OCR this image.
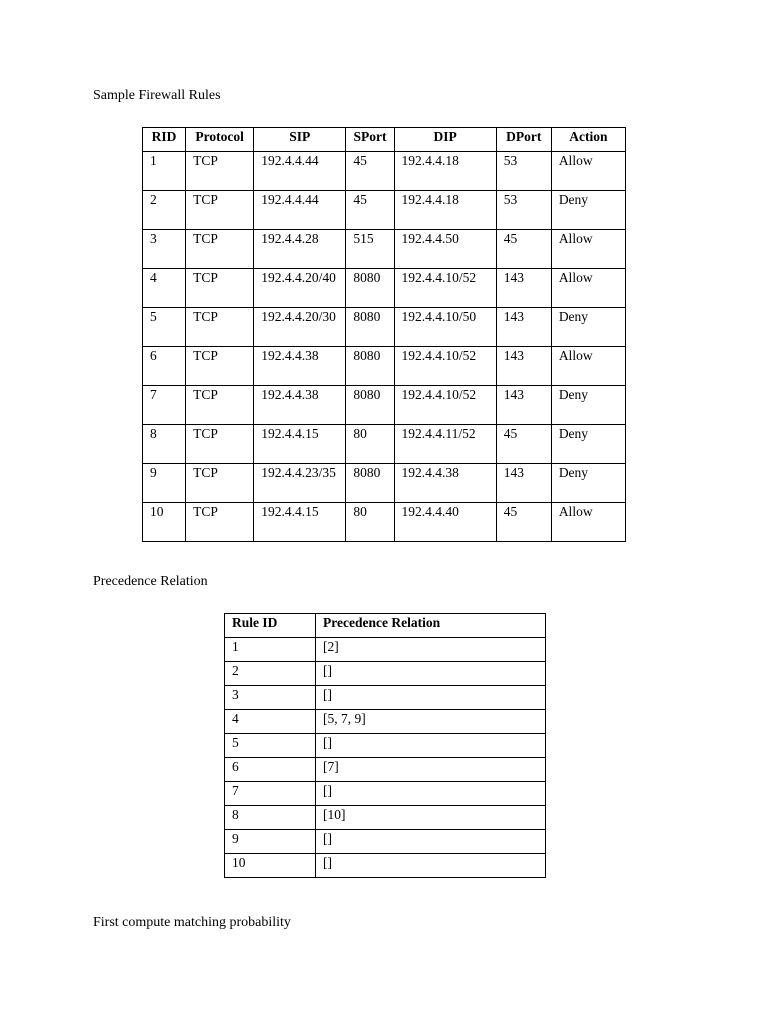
Sample Firewall Rules
RID	Protocol	SIP	SPort	DIP	DPort	Action
1	TCP	192.4.4.44	45	192.4.4.18	53	Allow
2	TCP	192.4.4.44	45	192.4.4.18	53	Deny
3	TCP	192.4.4.28	515	192.4.4.50	45	Allow
4	TCP	192.4.4.20/40	8080	192.4.4.10/52	143	Allow
5	TCP	192.4.4.20/30	8080	192.4.4.10/50	143	Deny
6	TCP	192.4.4.38	8080	192.4.4.10/52	143	Allow
7	TCP	192.4.4.38	8080	192.4.4.10/52	143	Deny
8	TCP	192.4.4.15	80	192.4.4.11/52	45	Deny
9	TCP	192.4.4.23/35	8080	192.4.4.38	143	Deny
10	TCP	192.4.4.15	80	192.4.4.40	45	Allow
Precedence Relation
Rule ID	Precedence Relation
1	[2]
2	[]
3	[]
4	[5, 7, 9]
5	[]
6	[7]
7	[]
8	[10]
9	[]
10	[]
First compute matching probability
